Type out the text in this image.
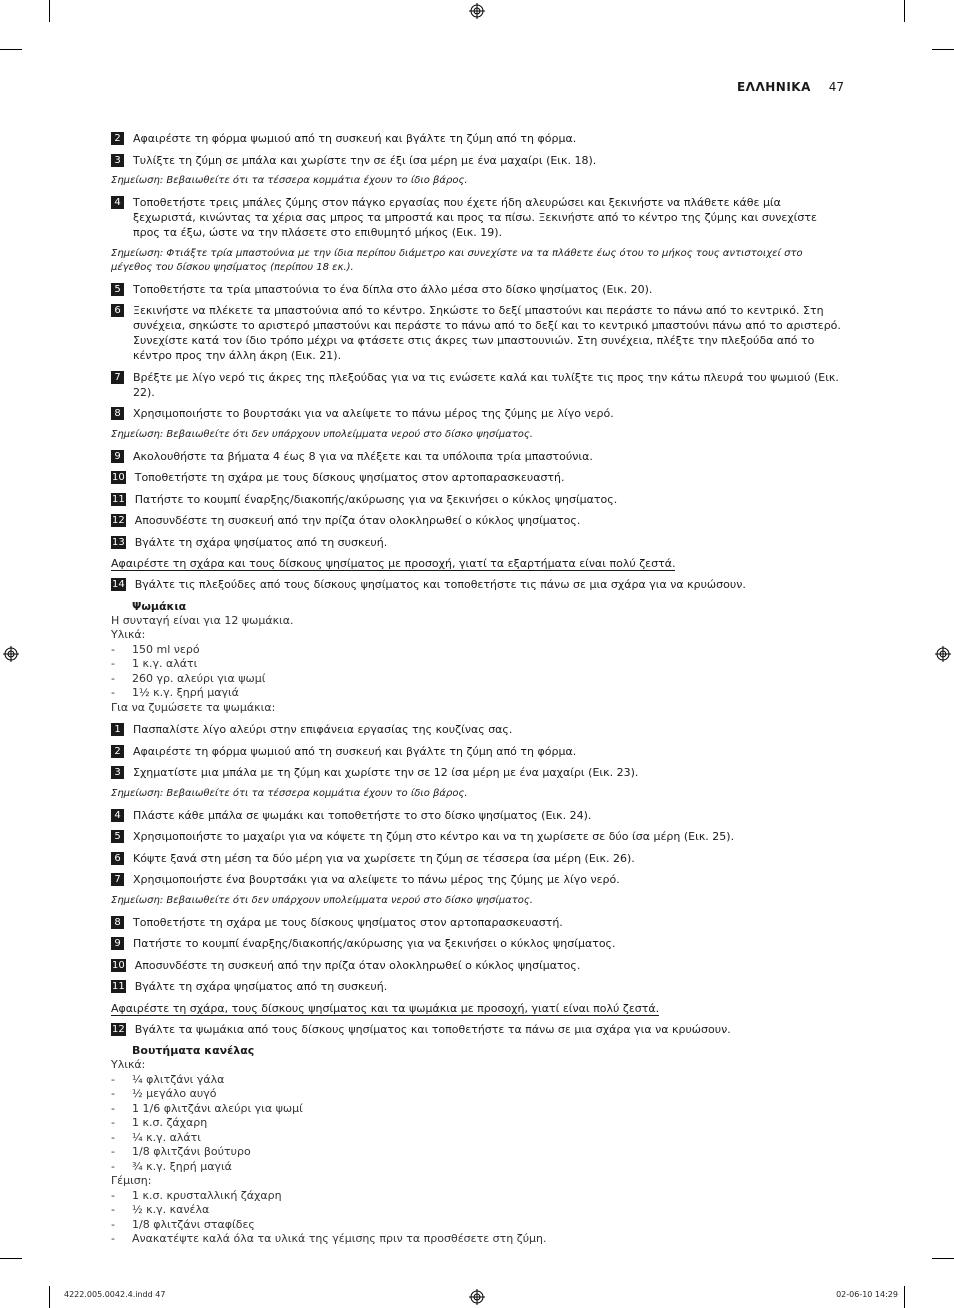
ΕΛΛΗΝΙΚΑ 47
2	Αφαιρέστε τη φόρμα ψωμιού από τη συσκευή και βγάλτε τη ζύμη από τη φόρμα.
3	Τυλίξτε τη ζύμη σε μπάλα και χωρίστε την σε έξι ίσα μέρη με ένα μαχαίρι (Εικ. 18).
Σημείωση: Βεβαιωθείτε ότι τα τέσσερα κομμάτια έχουν το ίδιο βάρος.
4	Τοποθετήστε τρεις μπάλες ζύμης στον πάγκο εργασίας που έχετε ήδη αλευρώσει και ξεκινήστε να πλάθετε κάθε μία ξεχωριστά, κινώντας τα χέρια σας μπρος τα μπροστά και προς τα πίσω. Ξεκινήστε από το κέντρο της ζύμης και συνεχίστε προς τα έξω, ώστε να την πλάσετε στο επιθυμητό μήκος (Εικ. 19).
Σημείωση: Φτιάξτε τρία μπαστούνια με την ίδια περίπου διάμετρο και συνεχίστε να τα πλάθετε έως ότου το μήκος τους αντιστοιχεί στο μέγεθος του δίσκου ψησίματος (περίπου 18 εκ.).
5	Τοποθετήστε τα τρία μπαστούνια το ένα δίπλα στο άλλο μέσα στο δίσκο ψησίματος (Εικ. 20).
6	Ξεκινήστε να πλέκετε τα μπαστούνια από το κέντρο. Σηκώστε το δεξί μπαστούνι και περάστε το πάνω από το κεντρικό. Στη συνέχεια, σηκώστε το αριστερό μπαστούνι και περάστε το πάνω από το δεξί και το κεντρικό μπαστούνι πάνω από το αριστερό. Συνεχίστε κατά τον ίδιο τρόπο μέχρι να φτάσετε στις άκρες των μπαστουνιών. Στη συνέχεια, πλέξτε την πλεξούδα από το κέντρο προς την άλλη άκρη (Εικ. 21).
7	Βρέξτε με λίγο νερό τις άκρες της πλεξούδας για να τις ενώσετε καλά και τυλίξτε τις προς την κάτω πλευρά του ψωμιού (Εικ. 22).
8	Χρησιμοποιήστε το βουρτσάκι για να αλείψετε το πάνω μέρος της ζύμης με λίγο νερό.
Σημείωση: Βεβαιωθείτε ότι δεν υπάρχουν υπολείμματα νερού στο δίσκο ψησίματος.
9	Ακολουθήστε τα βήματα 4 έως 8 για να πλέξετε και τα υπόλοιπα τρία μπαστούνια.
10 Τοποθετήστε τη σχάρα με τους δίσκους ψησίματος στον αρτοπαρασκευαστή.
11 Πατήστε το κουμπί έναρξης/διακοπής/ακύρωσης για να ξεκινήσει ο κύκλος ψησίματος.
12 Αποσυνδέστε τη συσκευή από την πρίζα όταν ολοκληρωθεί ο κύκλος ψησίματος.
13 Βγάλτε τη σχάρα ψησίματος από τη συσκευή.
Αφαιρέστε τη σχάρα και τους δίσκους ψησίματος με προσοχή, γιατί τα εξαρτήματα είναι πολύ ζεστά.
14 Βγάλτε τις πλεξούδες από τους δίσκους ψησίματος και τοποθετήστε τις πάνω σε μια σχάρα για να κρυώσουν.
Ψωμάκια
Η συνταγή είναι για 12 ψωμάκια.
Υλικά:
-	150 ml νερό
-	1 κ.γ. αλάτι
-	260 γρ. αλεύρι για ψωμί
-	1½ κ.γ. ξηρή μαγιά
Για να ζυμώσετε τα ψωμάκια:
1	Πασπαλίστε λίγο αλεύρι στην επιφάνεια εργασίας της κουζίνας σας.
2	Αφαιρέστε τη φόρμα ψωμιού από τη συσκευή και βγάλτε τη ζύμη από τη φόρμα.
3	Σχηματίστε μια μπάλα με τη ζύμη και χωρίστε την σε 12 ίσα μέρη με ένα μαχαίρι (Εικ. 23).
Σημείωση: Βεβαιωθείτε ότι τα τέσσερα κομμάτια έχουν το ίδιο βάρος.
4	Πλάστε κάθε μπάλα σε ψωμάκι και τοποθετήστε το στο δίσκο ψησίματος (Εικ. 24).
5	Χρησιμοποιήστε το μαχαίρι για να κόψετε τη ζύμη στο κέντρο και να τη χωρίσετε σε δύο ίσα μέρη (Εικ. 25).
6	Κόψτε ξανά στη μέση τα δύο μέρη για να χωρίσετε τη ζύμη σε τέσσερα ίσα μέρη (Εικ. 26).
7	Χρησιμοποιήστε ένα βουρτσάκι για να αλείψετε το πάνω μέρος της ζύμης με λίγο νερό.
Σημείωση: Βεβαιωθείτε ότι δεν υπάρχουν υπολείμματα νερού στο δίσκο ψησίματος.
8	Τοποθετήστε τη σχάρα με τους δίσκους ψησίματος στον αρτοπαρασκευαστή.
9	Πατήστε το κουμπί έναρξης/διακοπής/ακύρωσης για να ξεκινήσει ο κύκλος ψησίματος.
10 Αποσυνδέστε τη συσκευή από την πρίζα όταν ολοκληρωθεί ο κύκλος ψησίματος.
11 Βγάλτε τη σχάρα ψησίματος από τη συσκευή.
Αφαιρέστε τη σχάρα, τους δίσκους ψησίματος και τα ψωμάκια με προσοχή, γιατί είναι πολύ ζεστά.
12 Βγάλτε τα ψωμάκια από τους δίσκους ψησίματος και τοποθετήστε τα πάνω σε μια σχάρα για να κρυώσουν.
Βουτήματα κανέλας
Υλικά:
-	¼ φλιτζάνι γάλα
-	½ μεγάλο αυγό
-	1 1/6 φλιτζάνι αλεύρι για ψωμί
-	1 κ.σ. ζάχαρη
-	¼ κ.γ. αλάτι
-	1/8 φλιτζάνι βούτυρο
-	¾ κ.γ. ξηρή μαγιά
Γέμιση:
-	1 κ.σ. κρυσταλλική ζάχαρη
-	½ κ.γ. κανέλα
-	1/8 φλιτζάνι σταφίδες
-	Ανακατέψτε καλά όλα τα υλικά της γέμισης πριν τα προσθέσετε στη ζύμη.
4222.005.0042.4.indd 47	02-06-10 14:29
